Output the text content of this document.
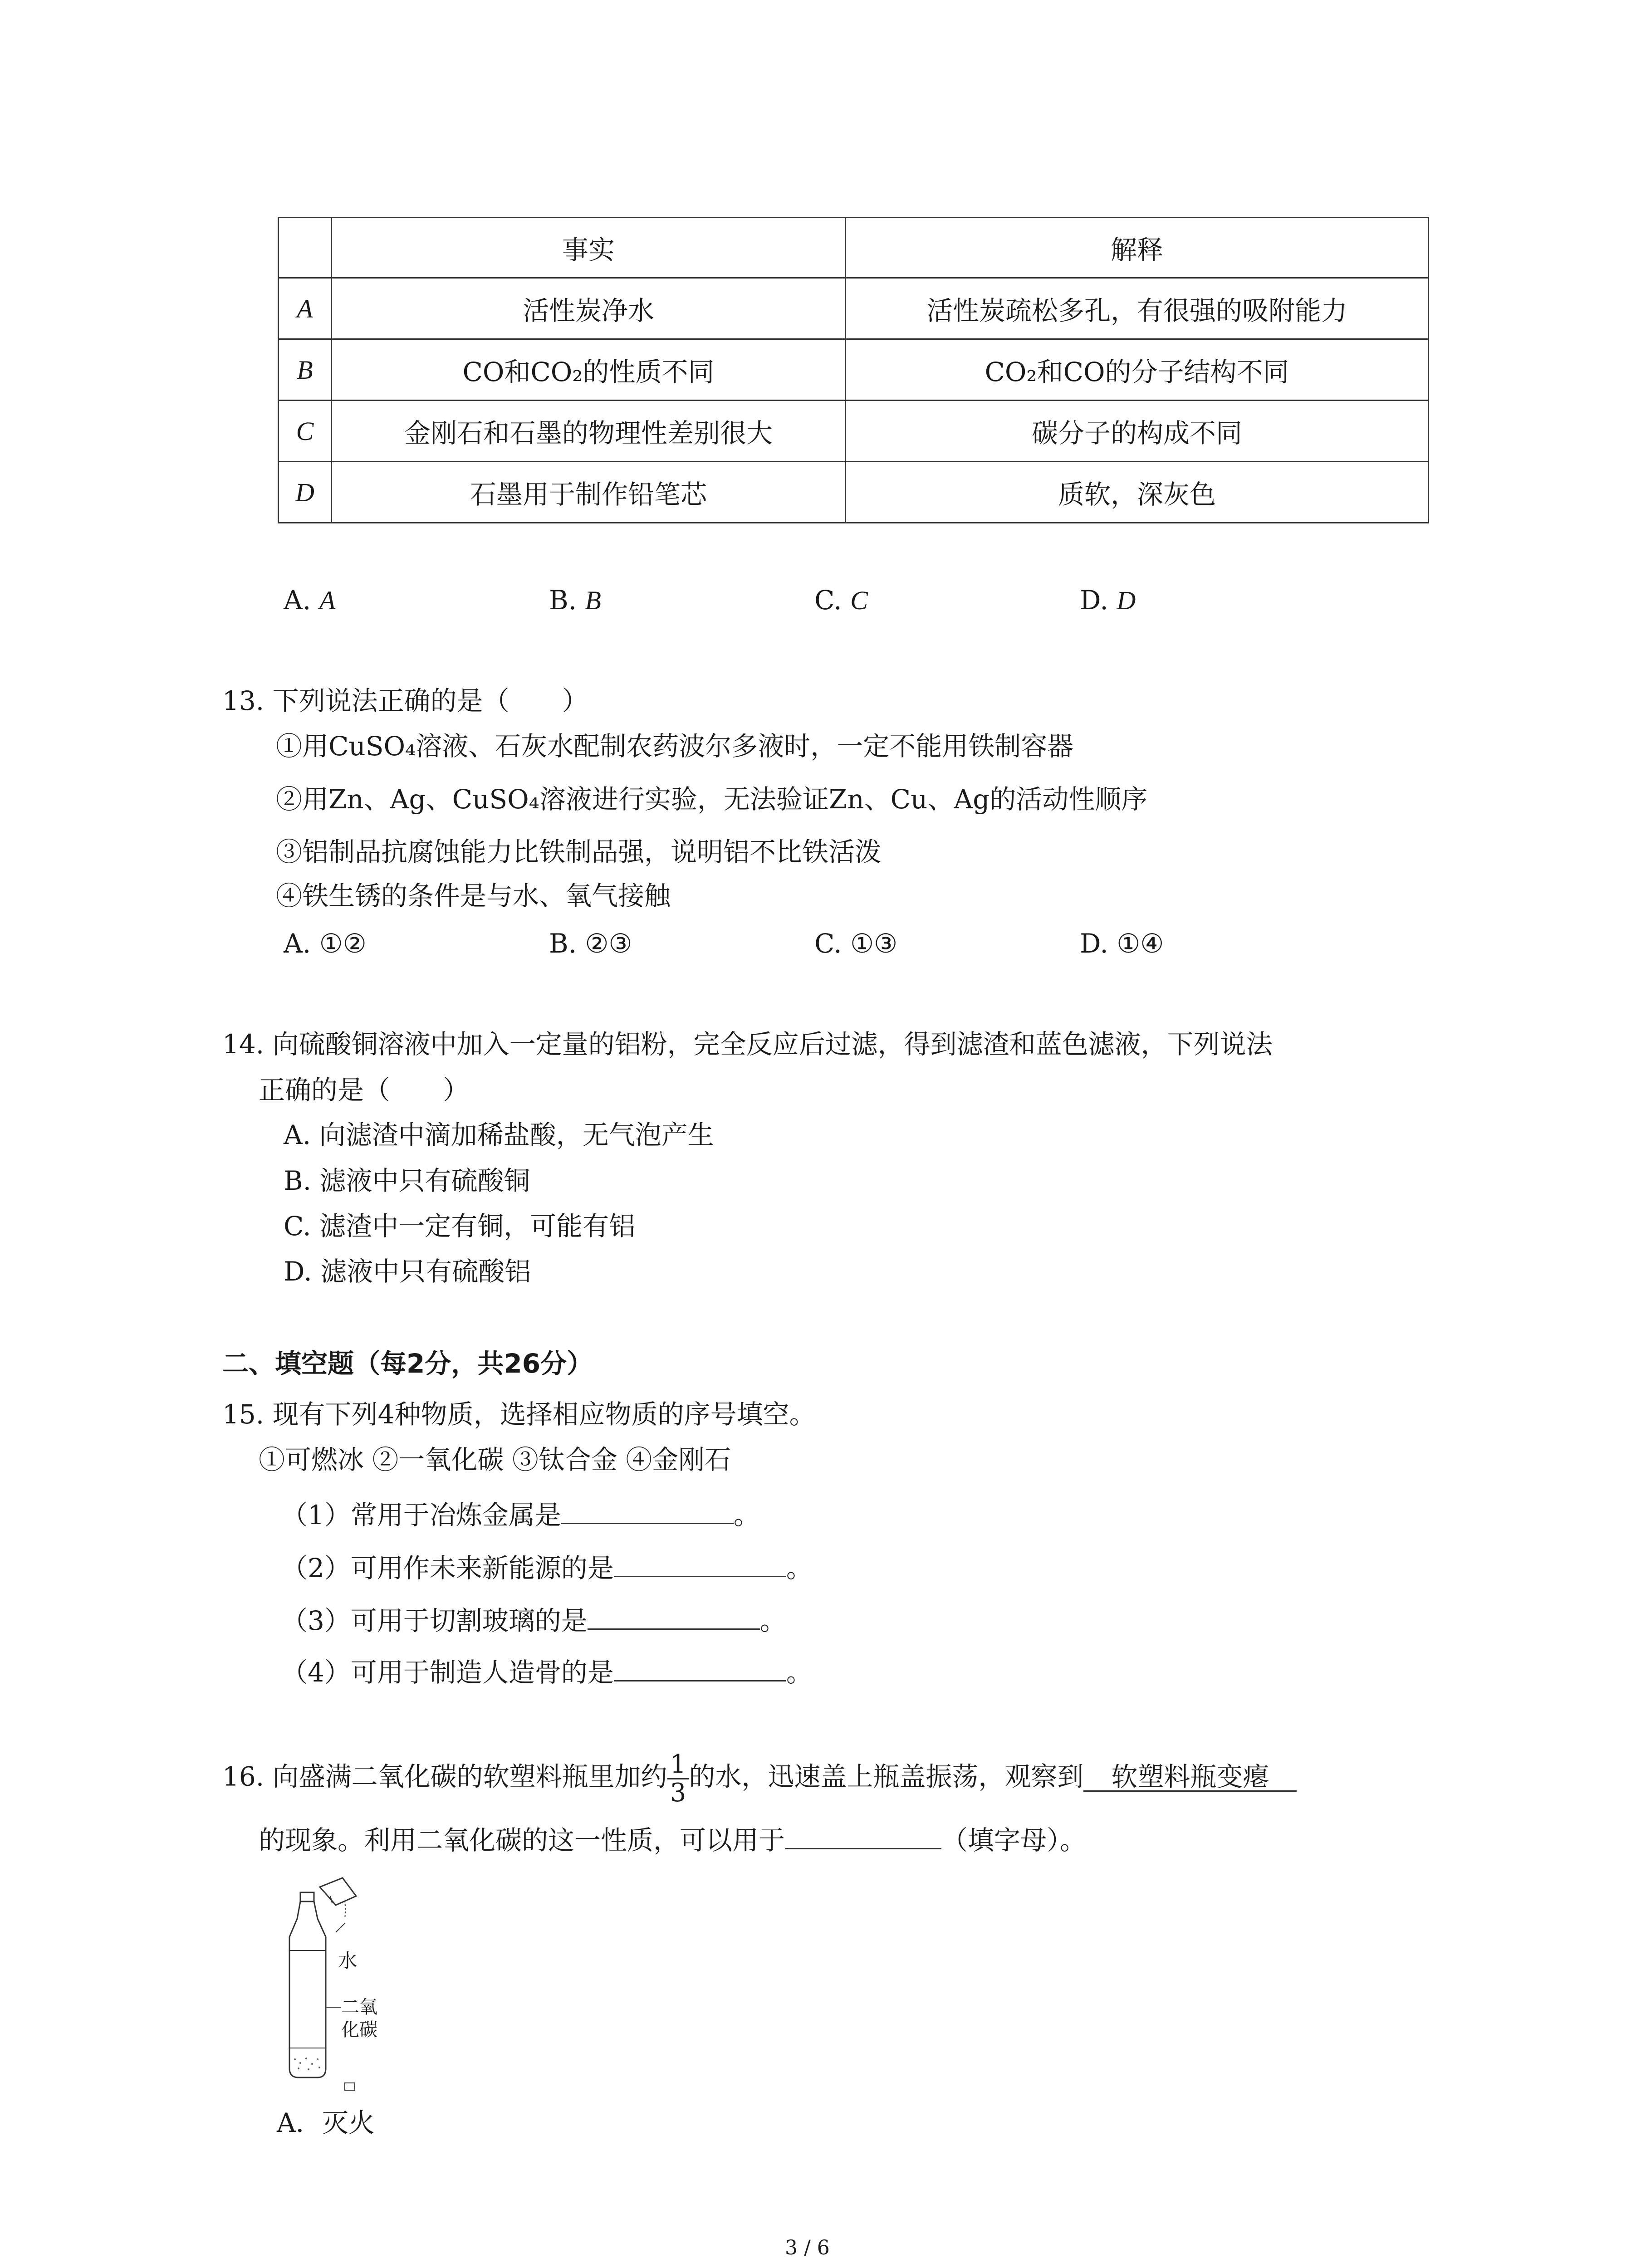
	事实	解释
A	活性炭净水	活性炭疏松多孔，有很强的吸附能力
B	CO和CO₂的性质不同	CO₂和CO的分子结构不同
C	金刚石和石墨的物理性差别很大	碳分子的构成不同
D	石墨用于制作铅笔芯	质软，深灰色
A. A	B. B	C. C	D. D
13. 下列说法正确的是（　　）
①用CuSO₄溶液、石灰水配制农药波尔多液时，一定不能用铁制容器
②用Zn、Ag、CuSO₄溶液进行实验，无法验证Zn、Cu、Ag的活动性顺序
③铝制品抗腐蚀能力比铁制品强，说明铝不比铁活泼
④铁生锈的条件是与水、氧气接触
A. ①②	B. ②③	C. ①③	D. ①④
14. 向硫酸铜溶液中加入一定量的铝粉，完全反应后过滤，得到滤渣和蓝色滤液，下列说法
正确的是（　　）
A. 向滤渣中滴加稀盐酸，无气泡产生
B. 滤液中只有硫酸铜
C. 滤渣中一定有铜，可能有铝
D. 滤液中只有硫酸铝
二、填空题（每2分，共26分）
15. 现有下列4种物质，选择相应物质的序号填空。
①可燃冰 ②一氧化碳 ③钛合金 ④金刚石
（1）常用于冶炼金属是	。
（2）可用作未来新能源的是	。
（3）可用于切割玻璃的是	。
（4）可用于制造人造骨的是	。
16. 向盛满二氧化碳的软塑料瓶里加约 $\frac{1}{3}$ 的水，迅速盖上瓶盖振荡，观察到 软塑料瓶变瘪
的现象。利用二氧化碳的这一性质，可以用于	（填字母）。
水
二氧
化碳
A．灭火
3 / 6
